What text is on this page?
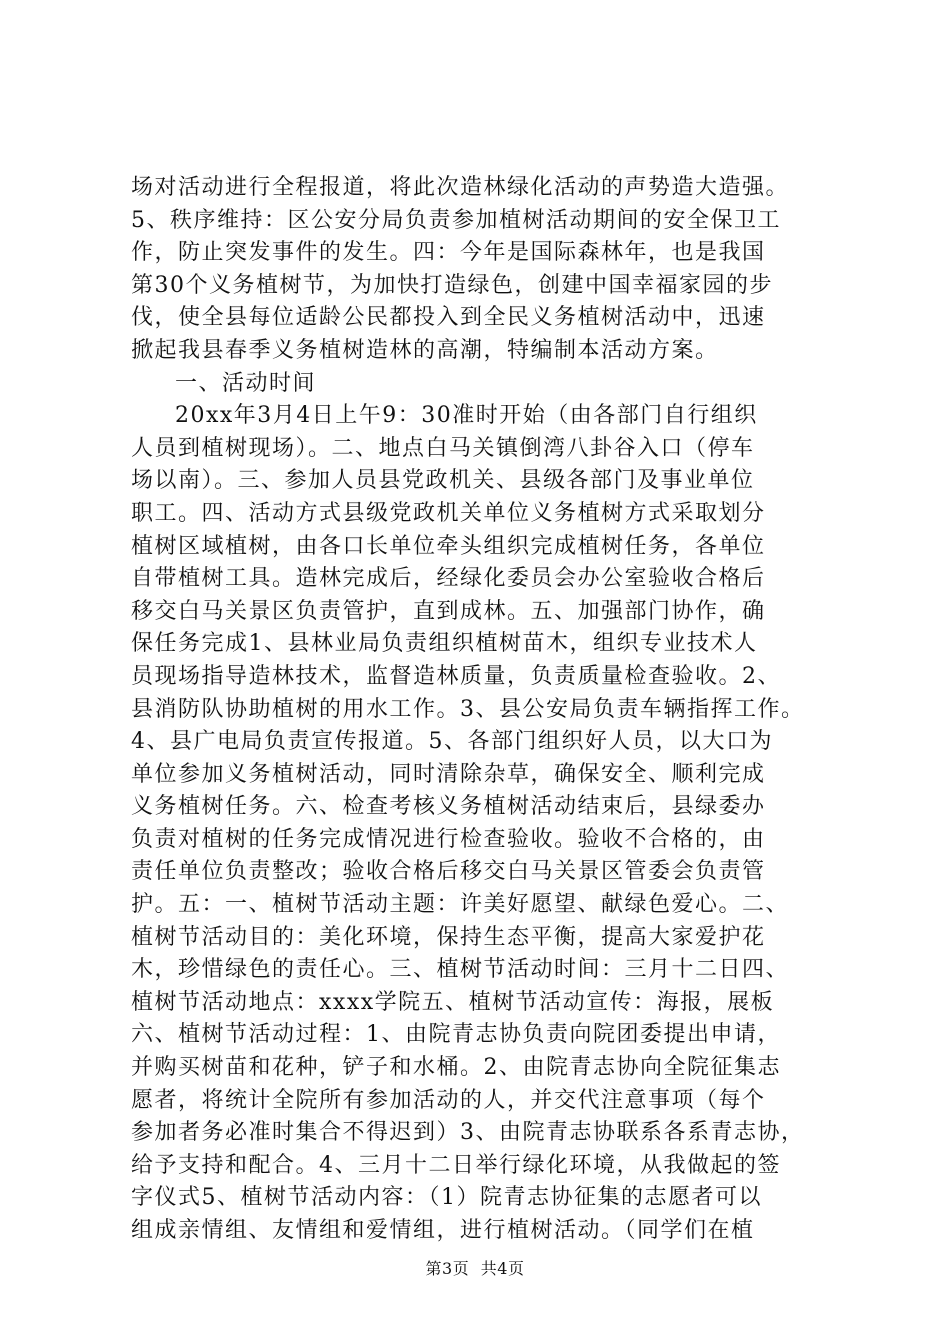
场对活动进行全程报道，将此次造林绿化活动的声势造大造强。
5、秩序维持：区公安分局负责参加植树活动期间的安全保卫工
作，防止突发事件的发生。四：今年是国际森林年，也是我国
第30个义务植树节，为加快打造绿色，创建中国幸福家园的步
伐，使全县每位适龄公民都投入到全民义务植树活动中，迅速
掀起我县春季义务植树造林的高潮，特编制本活动方案。
一、活动时间
20xx年3月4日上午9：30准时开始（由各部门自行组织
人员到植树现场）。二、地点白马关镇倒湾八卦谷入口（停车
场以南）。三、参加人员县党政机关、县级各部门及事业单位
职工。四、活动方式县级党政机关单位义务植树方式采取划分
植树区域植树，由各口长单位牵头组织完成植树任务，各单位
自带植树工具。造林完成后，经绿化委员会办公室验收合格后
移交白马关景区负责管护，直到成林。五、加强部门协作，确
保任务完成1、县林业局负责组织植树苗木，组织专业技术人
员现场指导造林技术，监督造林质量，负责质量检查验收。2、
县消防队协助植树的用水工作。3、县公安局负责车辆指挥工作。
4、县广电局负责宣传报道。5、各部门组织好人员，以大口为
单位参加义务植树活动，同时清除杂草，确保安全、顺利完成
义务植树任务。六、检查考核义务植树活动结束后，县绿委办
负责对植树的任务完成情况进行检查验收。验收不合格的，由
责任单位负责整改；验收合格后移交白马关景区管委会负责管
护。五：一、植树节活动主题：许美好愿望、献绿色爱心。二、
植树节活动目的：美化环境，保持生态平衡，提高大家爱护花
木，珍惜绿色的责任心。三、植树节活动时间：三月十二日四、
植树节活动地点：xxxx学院五、植树节活动宣传：海报，展板
六、植树节活动过程：1、由院青志协负责向院团委提出申请，
并购买树苗和花种，铲子和水桶。2、由院青志协向全院征集志
愿者，将统计全院所有参加活动的人，并交代注意事项（每个
参加者务必准时集合不得迟到）3、由院青志协联系各系青志协，
给予支持和配合。4、三月十二日举行绿化环境，从我做起的签
字仪式5、植树节活动内容：（1）院青志协征集的志愿者可以
组成亲情组、友情组和爱情组，进行植树活动。（同学们在植
第3页 共4页
